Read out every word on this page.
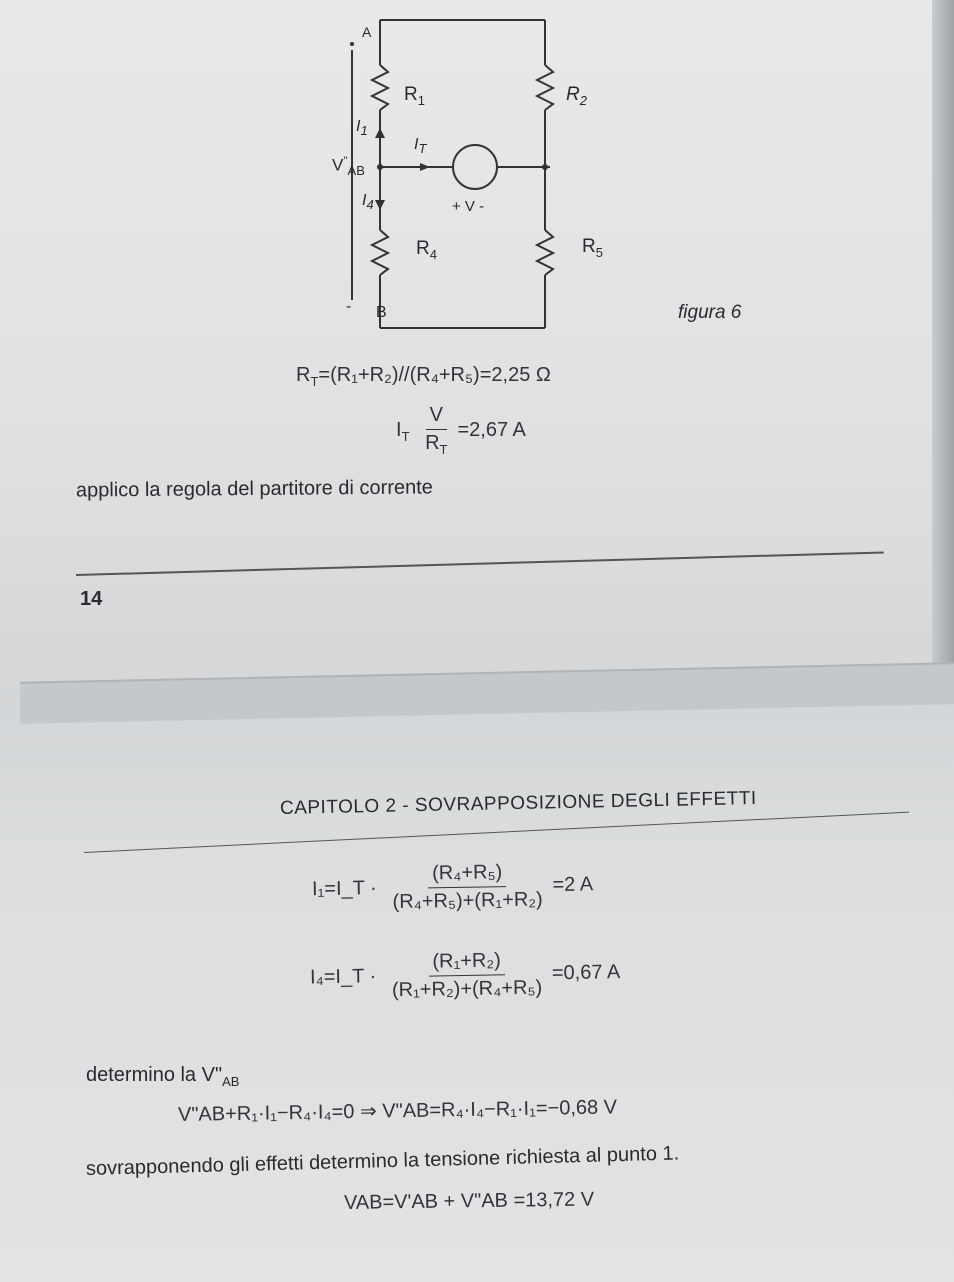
A
B
-
$R_1$	$R_2$
$R_4$	$R_5$
$I_1$
$I_T$
$I_4$
$V''_{AB}$
+ V -
figura 6
$R_T=(R_1+R_2)//(R_4+R_5)=2,25$ Ω
$I_T \frac{V}{R_T} =2,67$ A
applico la regola del partitore di corrente
14
CAPITOLO 2 - SOVRAPPOSIZIONE DEGLI EFFETTI
I₁=I_T · $\frac{\text{(R₄+R₅)}}{\text{(R₄+R₅)+(R₁+R₂)}} =2$ A
I₄=I_T · $\frac{\text{(R₁+R₂)}}{\text{(R₁+R₂)+(R₄+R₅)}} =0,67$ A
determino la $V"_{AB}$
V"AB+R₁·I₁−R₄·I₄=0 ⇒ V"AB=R₄·I₄−R₁·I₁=−0,68 V
sovrapponendo gli effetti determino la tensione richiesta al punto 1.
VAB=V'AB + V"AB =13,72 V
